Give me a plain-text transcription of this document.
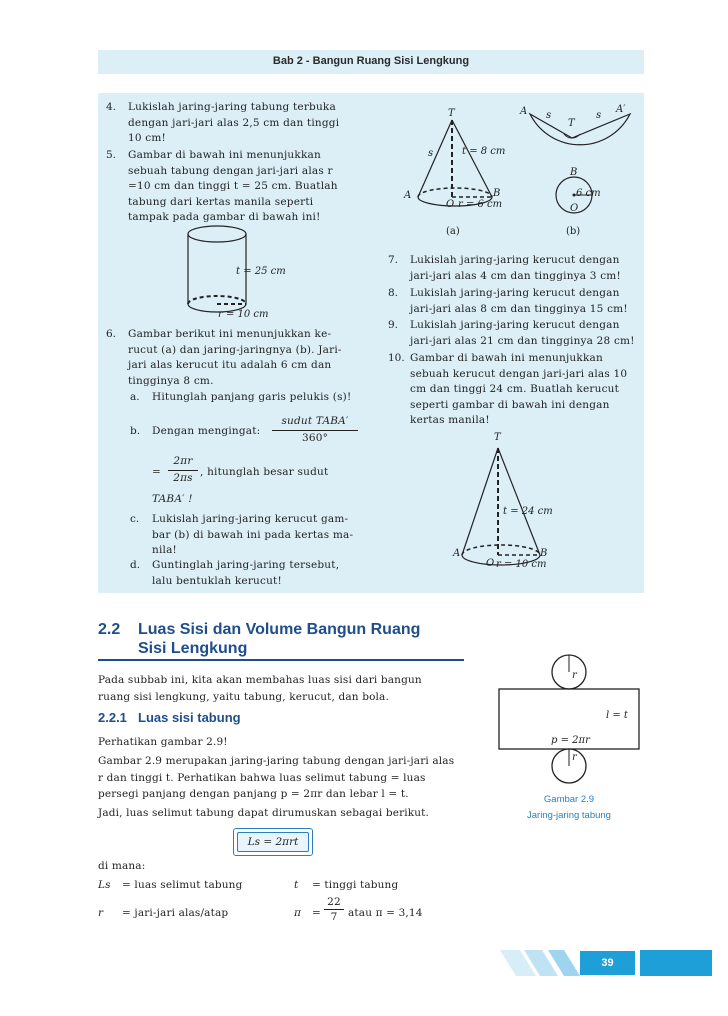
Bab 2 - Bangun Ruang Sisi Lengkung
4. Lukislah jaring-jaring tabung terbuka
dengan jari-jari alas 2,5 cm dan tinggi
10 cm!
5. Gambar di bawah ini menunjukkan
sebuah tabung dengan jari-jari alas r
=10 cm dan tinggi t = 25 cm. Buatlah
tabung dari kertas manila seperti
tampak pada gambar di bawah ini!
t = 25 cm
r = 10 cm
6. Gambar berikut ini menunjukkan ke-
rucut (a) dan jaring-jaringnya (b). Jari-
jari alas kerucut itu adalah 6 cm dan
tingginya 8 cm.
a. Hitunglah panjang garis pelukis (s)!
b. Dengan mengingat:
sudut TABA′
360°
=
2πr
2πs , hitunglah besar sudut
TABA′ !
c. Lukislah jaring-jaring kerucut gam-
bar (b) di bawah ini pada kertas ma-
nila!
d. Guntinglah jaring-jaring tersebut,
lalu bentuklah kerucut!
T
s	t = 8 cm
A	B
O r = 6 cm
(a)
A s	s
T
A′
B
O
6 cm
(b)
7. Lukislah jaring-jaring kerucut dengan
jari-jari alas 4 cm dan tingginya 3 cm!
8. Lukislah jaring-jaring kerucut dengan
jari-jari alas 8 cm dan tingginya 15 cm!
9. Lukislah jaring-jaring kerucut dengan
jari-jari alas 21 cm dan tingginya 28 cm!
10. Gambar di bawah ini menunjukkan
sebuah kerucut dengan jari-jari alas 10
cm dan tinggi 24 cm. Buatlah kerucut
seperti gambar di bawah ini dengan
kertas manila!
T
t = 24 cm
A	B
O r = 10 cm
2.2 Luas Sisi dan Volume Bangun Ruang
Sisi Lengkung
Pada subbab ini, kita akan membahas luas sisi dari bangun
ruang sisi lengkung, yaitu tabung, kerucut, dan bola.
2.2.1 Luas sisi tabung
Perhatikan gambar 2.9!
Gambar 2.9 merupakan jaring-jaring tabung dengan jari-jari alas
r dan tinggi t. Perhatikan bahwa luas selimut tabung = luas
persegi panjang dengan panjang p = 2πr dan lebar l = t.
Jadi, luas selimut tabung dapat dirumuskan sebagai berikut.
Ls = 2πrt
di mana:
Ls = luas selimut tabung	t = tinggi tabung
r = jari-jari alas/atap	π =
22
7	atau π = 3,14
r
l = t
p = 2πr
r
Gambar 2.9
Jaring-jaring tabung
39
